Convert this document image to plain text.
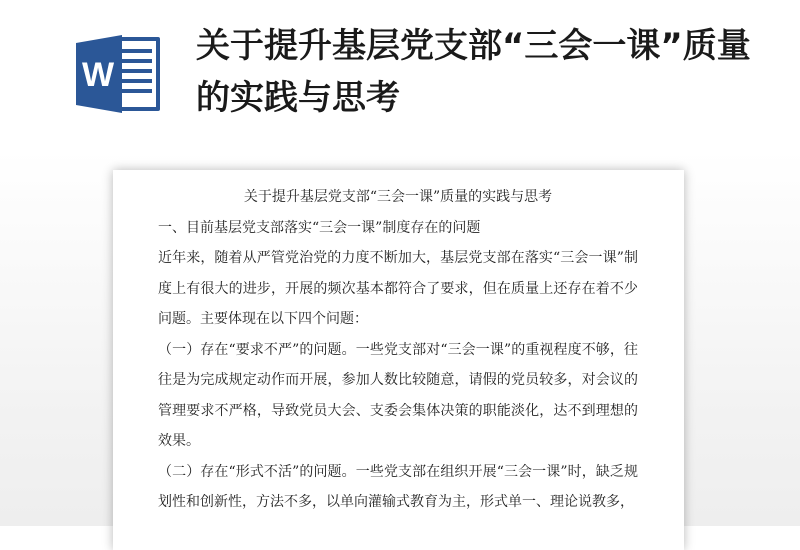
W
关于提升基层党支部“三会一课”质量的实践与思考

关于提升基层党支部“三会一课”质量的实践与思考

一、目前基层党支部落实“三会一课”制度存在的问题

近年来，随着从严管党治党的力度不断加大，基层党支部在落实“三会一课”制度上有很大的进步，开展的频次基本都符合了要求，但在质量上还存在着不少问题。主要体现在以下四个问题：

（一）存在“要求不严”的问题。一些党支部对“三会一课”的重视程度不够，往往是为完成规定动作而开展，参加人数比较随意，请假的党员较多，对会议的管理要求不严格，导致党员大会、支委会集体决策的职能淡化，达不到理想的效果。

（二）存在“形式不活”的问题。一些党支部在组织开展“三会一课”时，缺乏规划性和创新性，方法不多，以单向灌输式教育为主，形式单一、理论说教多，
